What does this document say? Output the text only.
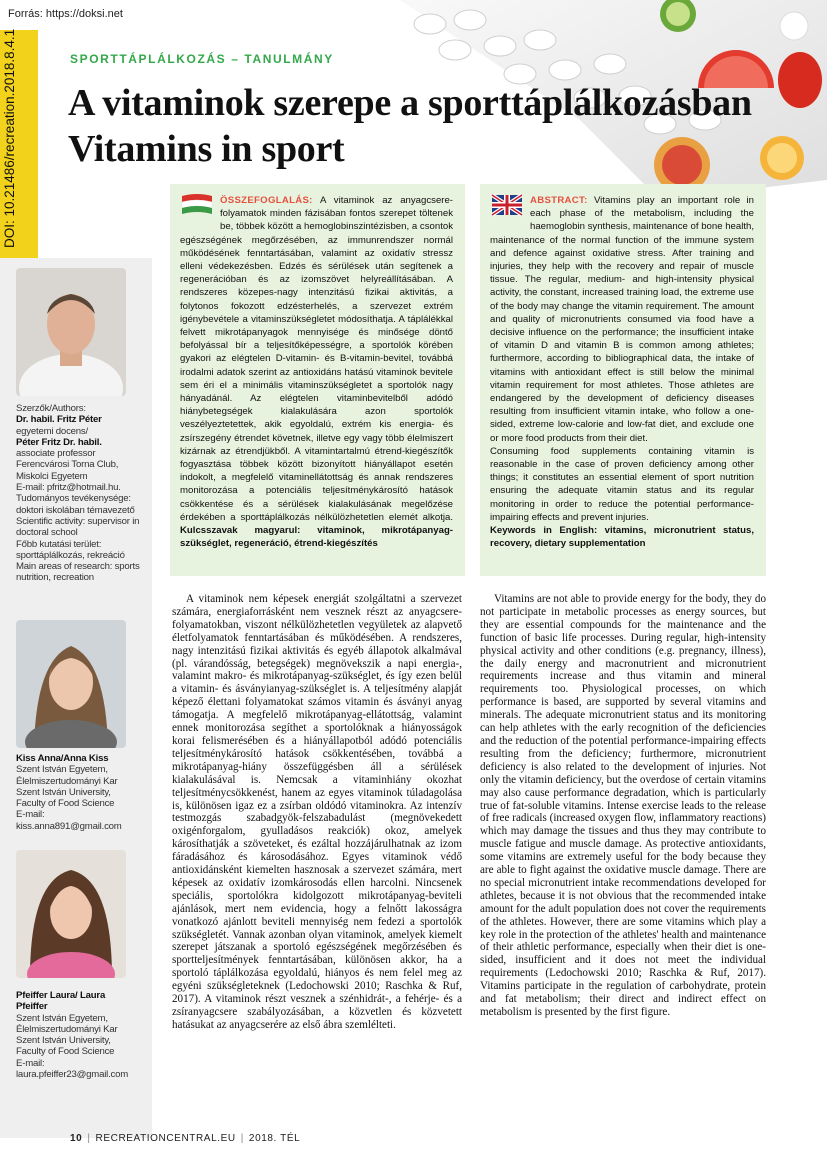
Forrás: https://doksi.net
DOI: 10.21486/recreation.2018.8.4.1	SPORTTÁPLÁLKOZÁS – TANULMÁNY
A vitaminok szerepe a sporttáplálkozásban
Vitamins in sport
Szerzők/Authors:
Dr. habil. Fritz Péter
egyetemi docens/
Péter Fritz Dr. habil.
associate professor
Ferencvárosi Torna Club,
Miskolci Egyetem
E-mail: pfritz@hotmail.hu.
Tudományos tevékenysége:
doktori iskolában témavezető
Scientific activity: supervisor in
doctoral school
Főbb kutatási terület:
sporttáplálkozás, rekreáció
Main areas of research: sports
nutrition, recreation
Kiss Anna/Anna Kiss
Szent István Egyetem,
Élelmiszertudományi Kar
Szent István University,
Faculty of Food Science
E-mail:
kiss.anna891@gmail.com
Pfeiffer Laura/ Laura
Pfeiffer
Szent István Egyetem,
Élelmiszertudományi Kar
Szent István University,
Faculty of Food Science
E-mail:
laura.pfeiffer23@gmail.com
ÖSSZEFOGLALÁS: A vitaminok az anyagcsere-folyamatok minden fázisában fontos szerepet töltenek be, többek között a hemoglobinszintézisben, a csontok egészségének megőrzésében, az immunrendszer normál működésének fenntartásában, valamint az oxidatív stressz elleni védekezésben. Edzés és sérülések után segítenek a regenerációban és az izomszövet helyreállításában. A rendszeres közepes-nagy intenzitású fizikai aktivitás, a folytonos fokozott edzésterhelés, a szervezet extrém igénybevétele a vitaminszükségletet módosíthatja. A táplálékkal felvett mikrotápanyagok mennyisége és minősége döntő befolyással bír a teljesítőképességre, a sportolók körében gyakori az elégtelen D-vitamin- és B-vitamin-bevitel, továbbá irodalmi adatok szerint az antioxidáns hatású vitaminok bevitele sem éri el a minimális vitaminszükségletet a sportolók nagy hányadánál. Az elégtelen vitaminbevitelből adódó hiánybetegségek kialakulására azon sportolók veszélyeztetettek, akik egyoldalú, extrém kis energia- és zsírszegény étrendet követnek, illetve egy vagy több élelmiszert kizárnak az étrendjükből. A vitamintartalmú étrend-kiegészítők fogyasztása többek között bizonyított hiányállapot esetén indokolt, a megfelelő vitaminellátottság és annak rendszeres monitorozása a potenciális teljesítménykárosító hatások csökkentése és a sérülések kialakulásának megelőzése érdekében a sporttáplálkozás nélkülözhetetlen elemét alkotja. Kulcsszavak magyarul: vitaminok, mikrotápanyag-szükséglet, regeneráció, étrend-kiegészítés
ABSTRACT: Vitamins play an important role in each phase of the metabolism, including the haemoglobin synthesis, maintenance of bone health, maintenance of the normal function of the immune system and defence against oxidative stress. After training and injuries, they help with the recovery and repair of muscle tissue. The regular, medium- and high-intensity physical activity, the constant, increased training load, the extreme use of the body may change the vitamin requirement. The amount and quality of micronutrients consumed via food have a decisive influence on the performance; the insufficient intake of vitamin D and vitamin B is common among athletes; furthermore, according to bibliographical data, the intake of vitamins with antioxidant effect is still below the minimal vitamin requirement for most athletes. Those athletes are endangered by the development of deficiency diseases resulting from insufficient vitamin intake, who follow a one-sided, extreme low-calorie and low-fat diet, and exclude one or more food products from their diet.
Consuming food supplements containing vitamin is reasonable in the case of proven deficiency among other things; it constitutes an essential element of sport nutrition ensuring the adequate vitamin status and its regular monitoring in order to reduce the potential performance-impairing effects and prevent injuries.
Keywords in English: vitamins, micronutrient status, recovery, dietary supplementation
A vitaminok nem képesek energiát szolgáltatni a szervezet számára, energiaforrásként nem vesznek részt az anyagcsere-folyamatokban, viszont nélkülözhetetlen vegyületek az alapvető életfolyamatok fenntartásában és működésében. A rendszeres, nagy intenzitású fizikai aktivitás és egyéb állapotok alkalmával (pl. várandósság, betegségek) megnövekszik a napi energia-, valamint makro- és mikrotápanyag-szükséglet, és így ezen belül a vitamin- és ásványianyag-szükséglet is. A teljesítmény alapját képező élettani folyamatokat számos vitamin és ásványi anyag támogatja. A megfelelő mikrotápanyag-ellátottság, valamint ennek monitorozása segíthet a sportolóknak a hiányosságok korai felismerésében és a hiányállapotból adódó potenciális teljesítménykárosító hatások csökkentésében, továbbá a mikrotápanyag-hiány összefüggésben áll a sérülések kialakulásával is. Nemcsak a vitaminhiány okozhat teljesítménycsökkenést, hanem az egyes vitaminok túladagolása is, különösen igaz ez a zsírban oldódó vitaminokra. Az intenzív testmozgás szabadgyök-felszabadulást (megnövekedett oxigénforgalom, gyulladásos reakciók) okoz, amelyek károsíthatják a szöveteket, és ezáltal hozzájárulhatnak az izom fáradásához és károsodásához. Egyes vitaminok védő antioxidánsként kiemelten hasznosak a szervezet számára, mert képesek az oxidatív izomkárosodás ellen harcolni. Nincsenek speciális, sportolókra kidolgozott mikrotápanyag-beviteli ajánlások, mert nem evidencia, hogy a felnőtt lakosságra vonatkozó ajánlott beviteli mennyiség nem fedezi a sportolók szükségletét. Vannak azonban olyan vitaminok, amelyek kiemelt szerepet játszanak a sportoló egészségének megőrzésében és sportteljesítmények fenntartásában, különösen akkor, ha a sportoló táplálkozása egyoldalú, hiányos és nem felel meg az egyéni szükségleteknek (Ledochowski 2010; Raschka & Ruf, 2017). A vitaminok részt vesznek a szénhidrát-, a fehérje- és a zsíranyagcsere szabályozásában, a közvetlen és közvetett hatásukat az anyagcserére az első ábra szemlélteti.
Vitamins are not able to provide energy for the body, they do not participate in metabolic processes as energy sources, but they are essential compounds for the maintenance and the function of basic life processes. During regular, high-intensity physical activity and other conditions (e.g. pregnancy, illness), the daily energy and macronutrient and micronutrient requirements increase and thus vitamin and mineral requirements too. Physiological processes, on which performance is based, are supported by several vitamins and minerals. The adequate micronutrient status and its monitoring can help athletes with the early recognition of the deficiencies and the reduction of the potential performance-impairing effects resulting from the deficiency; furthermore, micronutrient deficiency is also related to the development of injuries. Not only the vitamin deficiency, but the overdose of certain vitamins may also cause performance degradation, which is particularly true of fat-soluble vitamins. Intense exercise leads to the release of free radicals (increased oxygen flow, inflammatory reactions) which may damage the tissues and thus they may contribute to muscle fatigue and muscle damage. As protective antioxidants, some vitamins are extremely useful for the body because they are able to fight against the oxidative muscle damage. There are no special micronutrient intake recommendations developed for athletes, because it is not obvious that the recommended intake amount for the adult population does not cover the requirements of the athletes. However, there are some vitamins which play a key role in the protection of the athletes' health and maintenance of their athletic performance, especially when their diet is one-sided, insufficient and it does not meet the individual requirements (Ledochowski 2010; Raschka & Ruf, 2017). Vitamins participate in the regulation of carbohydrate, protein and fat metabolism; their direct and indirect effect on metabolism is presented by the first figure.
10 | RECREATIONCENTRAL.EU | 2018. TÉL
